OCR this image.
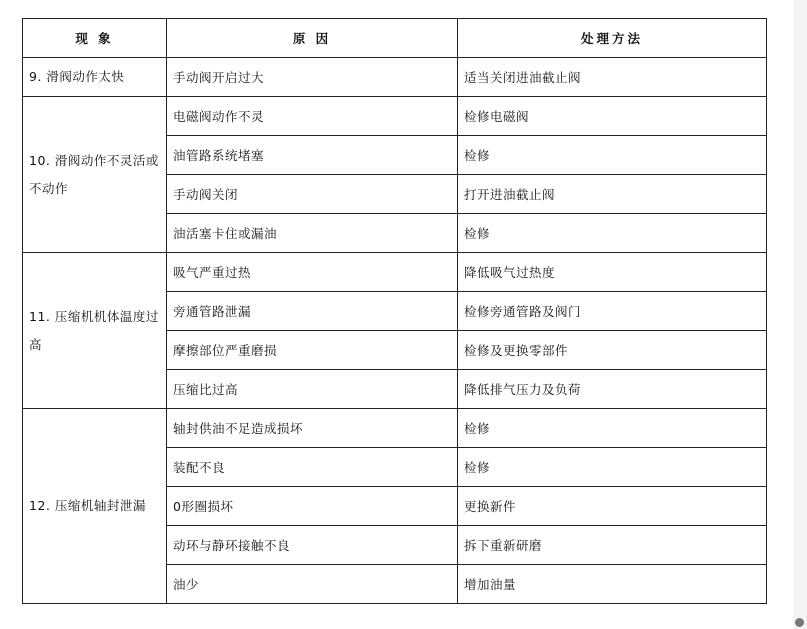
现 象	原 因	处理方法
9. 滑阀动作太快	手动阀开启过大	适当关闭进油截止阀
10. 滑阀动作不灵活或不动作	电磁阀动作不灵	检修电磁阀
	油管路系统堵塞	检修
	手动阀关闭	打开进油截止阀
	油活塞卡住或漏油	检修
11. 压缩机机体温度过高	吸气严重过热	降低吸气过热度
	旁通管路泄漏	检修旁通管路及阀门
	摩擦部位严重磨损	检修及更换零部件
	压缩比过高	降低排气压力及负荷
12. 压缩机轴封泄漏	轴封供油不足造成损坏	检修
	装配不良	检修
	0形圈损坏	更换新件
	动环与静环接触不良	拆下重新研磨
	油少	增加油量
